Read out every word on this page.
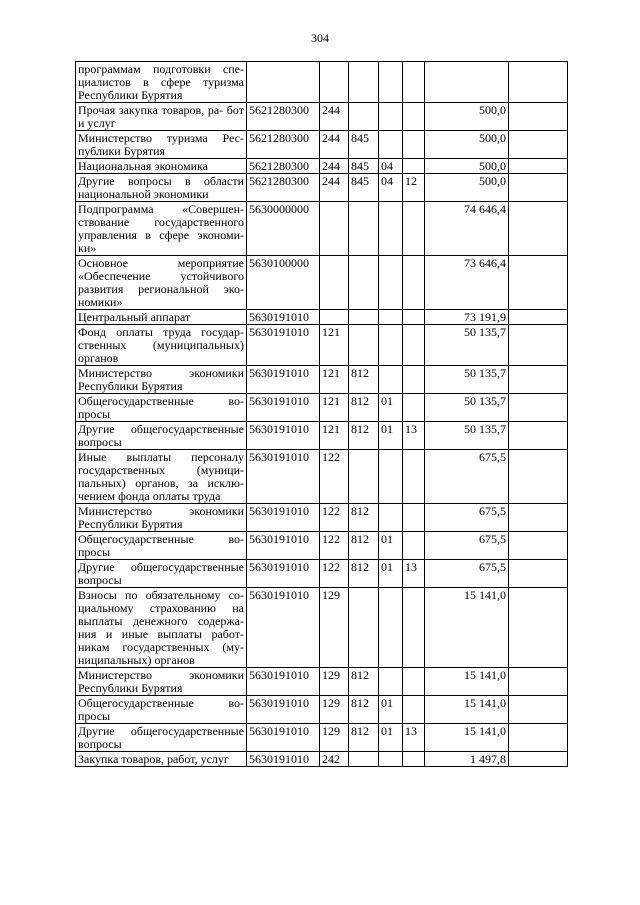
304
программам подготовки спе- циалистов в сфере туризма Республики Бурятия							
Прочая закупка товаров, ра- бот и услуг	5621280300	244				500,0	
Министерство туризма Рес- публики Бурятия	5621280300	244	845			500,0	
Национальная экономика	5621280300	244	845	04		500,0	
Другие вопросы в области национальной экономики	5621280300	244	845	04	12	500,0	
Подпрограмма «Совершен- ствование государственного управления в сфере экономи- ки»	5630000000					74 646,4	
Основное мероприятие «Обеспечение устойчивого развития региональной эко- номики»	5630100000					73 646,4	
Центральный аппарат	5630191010					73 191,9	
Фонд оплаты труда государ- ственных (муниципальных) органов	5630191010	121				50 135,7	
Министерство экономики Республики Бурятия	5630191010	121	812			50 135,7	
Общегосударственные во- просы	5630191010	121	812	01		50 135,7	
Другие общегосударственные вопросы	5630191010	121	812	01	13	50 135,7	
Иные выплаты персоналу государственных (муници- пальных) органов, за исклю- чением фонда оплаты труда	5630191010	122				675,5	
Министерство экономики Республики Бурятия	5630191010	122	812			675,5	
Общегосударственные во- просы	5630191010	122	812	01		675,5	
Другие общегосударственные вопросы	5630191010	122	812	01	13	675,5	
Взносы по обязательному со- циальному страхованию на выплаты денежного содержа- ния и иные выплаты работ- никам государственных (му- ниципальных) органов	5630191010	129				15 141,0	
Министерство экономики Республики Бурятия	5630191010	129	812			15 141,0	
Общегосударственные во- просы	5630191010	129	812	01		15 141,0	
Другие общегосударственные вопросы	5630191010	129	812	01	13	15 141,0	
Закупка товаров, работ, услуг	5630191010	242				1 497,8	
